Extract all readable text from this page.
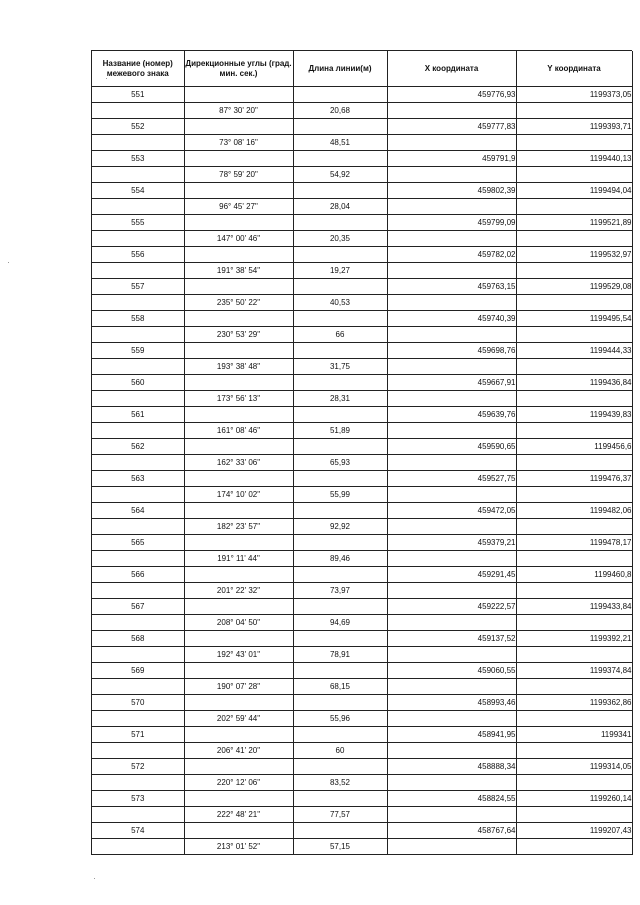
Название (номер) межевого знака	Дирекционные углы (град. мин. сек.)	Длина линии(м)	X координата	Y координата
551			459776,93	1199373,05
	87° 30' 20"	20,68		
552			459777,83	1199393,71
	73° 08' 16"	48,51		
553			459791,9	1199440,13
	78° 59' 20"	54,92		
554			459802,39	1199494,04
	96° 45' 27"	28,04		
555			459799,09	1199521,89
	147° 00' 46"	20,35		
556			459782,02	1199532,97
	191° 38' 54"	19,27		
557			459763,15	1199529,08
	235° 50' 22"	40,53		
558			459740,39	1199495,54
	230° 53' 29"	66		
559			459698,76	1199444,33
	193° 38' 48"	31,75		
560			459667,91	1199436,84
	173° 56' 13"	28,31		
561			459639,76	1199439,83
	161° 08' 46"	51,89		
562			459590,65	1199456,6
	162° 33' 06"	65,93		
563			459527,75	1199476,37
	174° 10' 02"	55,99		
564			459472,05	1199482,06
	182° 23' 57"	92,92		
565			459379,21	1199478,17
	191° 11' 44"	89,46		
566			459291,45	1199460,8
	201° 22' 32"	73,97		
567			459222,57	1199433,84
	208° 04' 50"	94,69		
568			459137,52	1199392,21
	192° 43' 01"	78,91		
569			459060,55	1199374,84
	190° 07' 28"	68,15		
570			458993,46	1199362,86
	202° 59' 44"	55,96		
571			458941,95	1199341
	206° 41' 20"	60		
572			458888,34	1199314,05
	220° 12' 06"	83,52		
573			458824,55	1199260,14
	222° 48' 21"	77,57		
574			458767,64	1199207,43
	213° 01' 52"	57,15		
